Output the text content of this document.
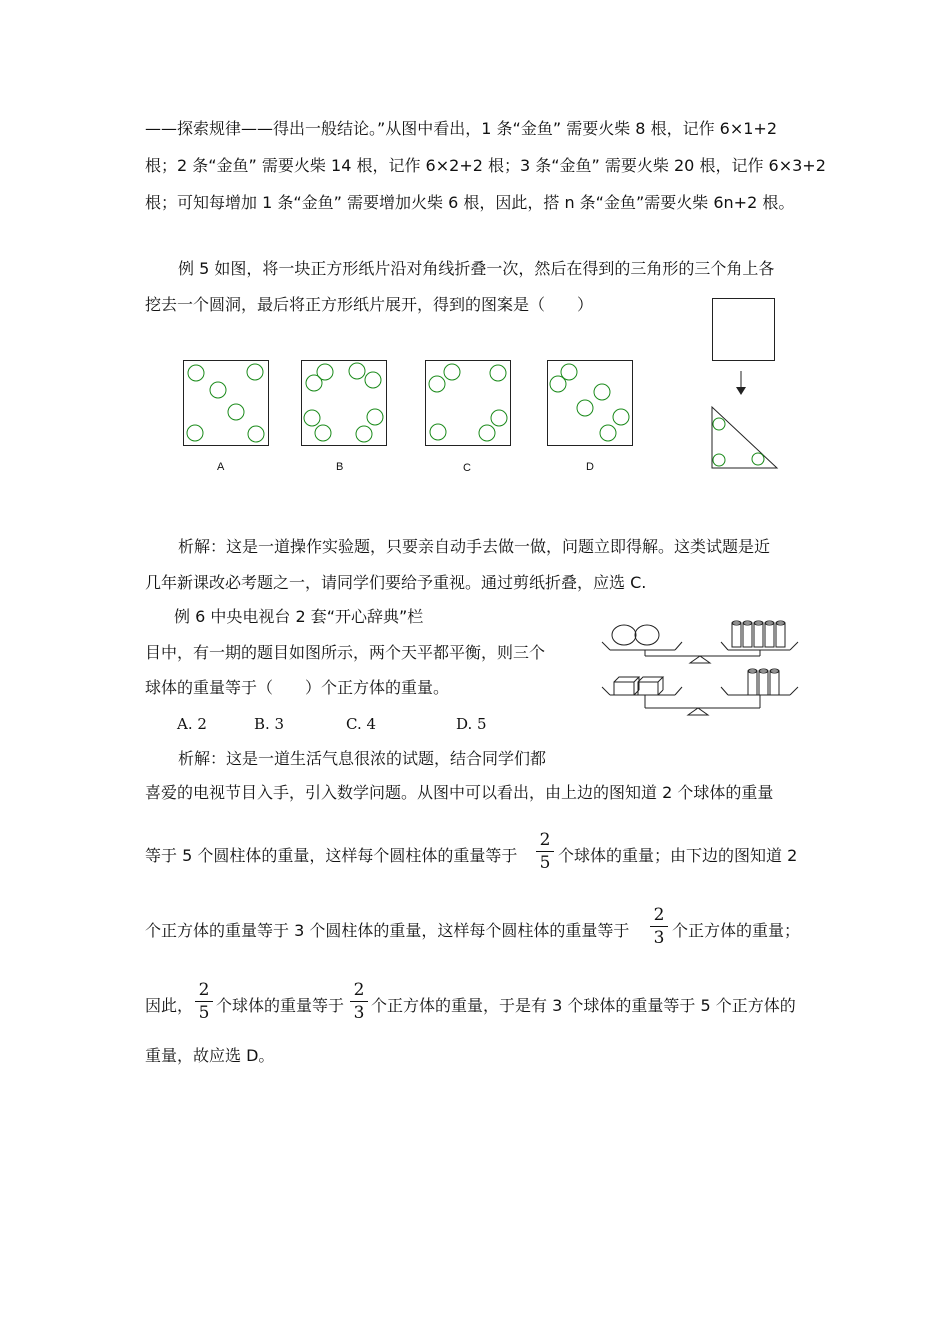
——探索规律——得出一般结论。”从图中看出，1 条“金鱼” 需要火柴 8 根，记作 6×1+2
根；2 条“金鱼” 需要火柴 14 根，记作 6×2+2 根；3 条“金鱼” 需要火柴 20 根，记作 6×3+2
根；可知每增加 1 条“金鱼” 需要增加火柴 6 根，因此，搭 n 条“金鱼”需要火柴 6n+2 根。
例 5 如图，将一块正方形纸片沿对角线折叠一次，然后在得到的三角形的三个角上各
挖去一个圆洞，最后将正方形纸片展开，得到的图案是（　　）
A	B	C	D
析解：这是一道操作实验题，只要亲自动手去做一做，问题立即得解。这类试题是近
几年新课改必考题之一，请同学们要给予重视。通过剪纸折叠，应选 C.
例 6 中央电视台 2 套“开心辞典”栏
目中，有一期的题目如图所示，两个天平都平衡，则三个
球体的重量等于（　　）个正方体的重量。
A. 2	B. 3	C. 4	D. 5
析解：这是一道生活气息很浓的试题，结合同学们都
喜爱的电视节目入手，引入数学问题。从图中可以看出，由上边的图知道 2 个球体的重量
等于 5 个圆柱体的重量，这样每个圆柱体的重量等于
2
5 个球体的重量；由下边的图知道 2
个正方体的重量等于 3 个圆柱体的重量，这样每个圆柱体的重量等于
2
3 个正方体的重量；
因此，
2
5 个球体的重量等于
2
3 个正方体的重量，于是有 3 个球体的重量等于 5 个正方体的
重量，故应选 D。
